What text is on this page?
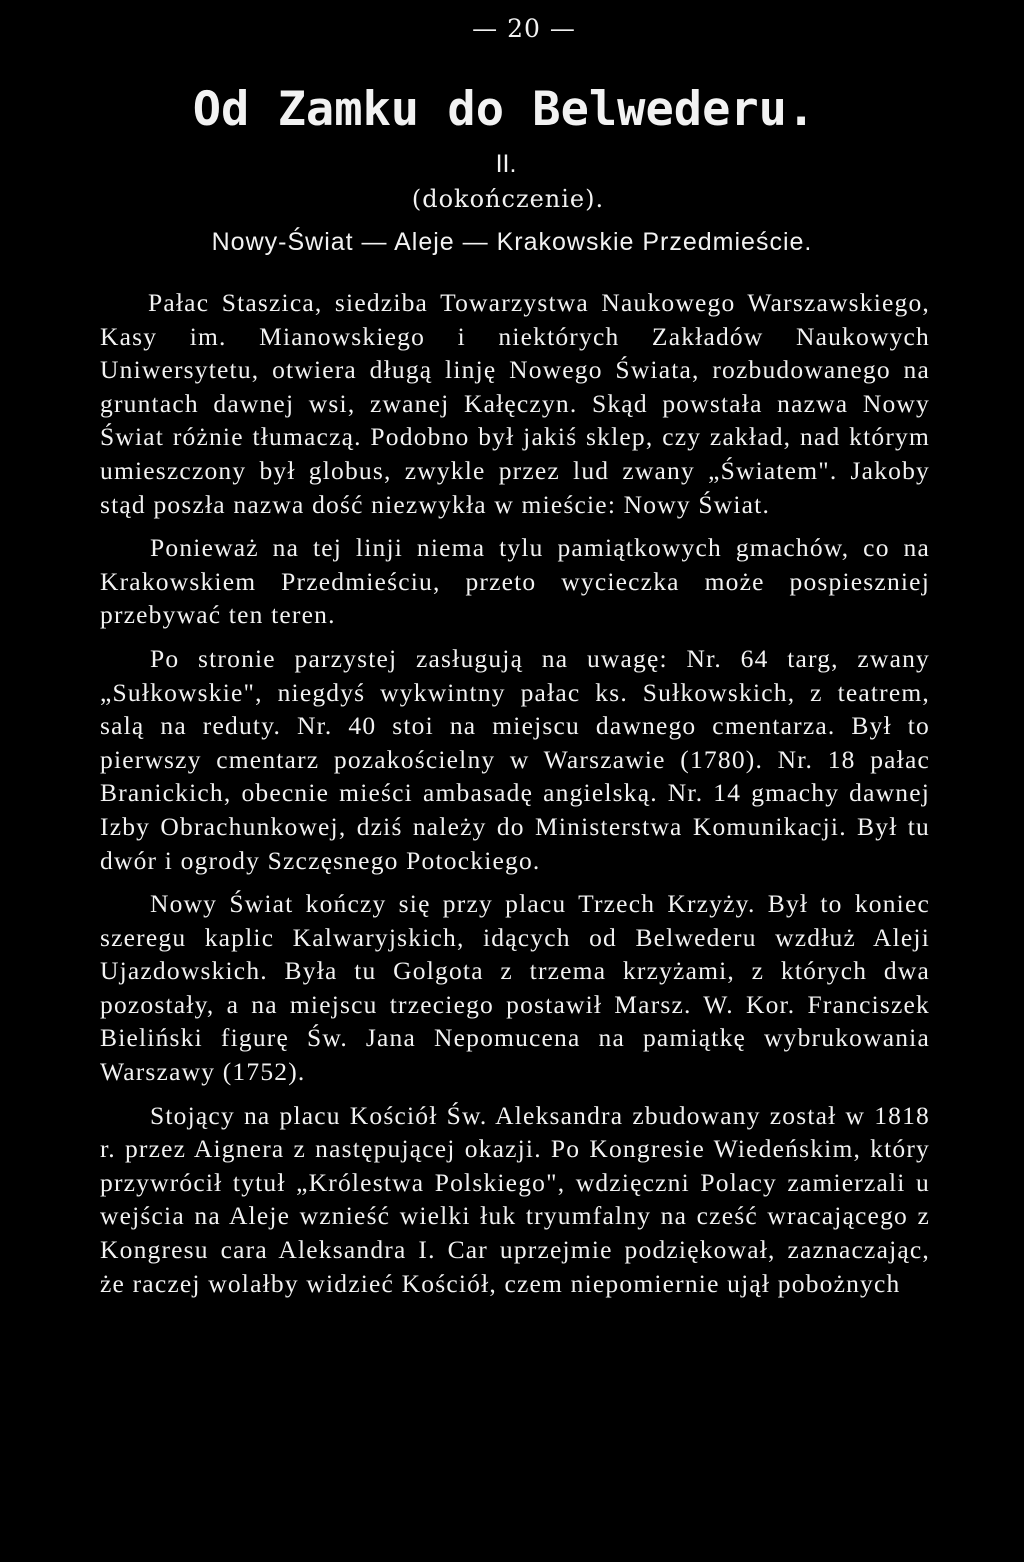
— 20 —
Od Zamku do Belwederu.
II.
(dokończenie).
Nowy-Świat — Aleje — Krakowskie Przedmieście.

Pałac Staszica, siedziba Towarzystwa Naukowego Warszawskiego, Kasy im. Mianowskiego i niektórych Zakładów Naukowych Uniwersytetu, otwiera długą linję Nowego Świata, rozbudowanego na gruntach dawnej wsi, zwanej Kałęczyn. Skąd powstała nazwa Nowy Świat różnie tłumaczą. Podobno był jakiś sklep, czy zakład, nad którym umieszczony był globus, zwykle przez lud zwany „Światem". Jakoby stąd poszła nazwa dość niezwykła w mieście: Nowy Świat.

Ponieważ na tej linji niema tylu pamiątkowych gmachów, co na Krakowskiem Przedmieściu, przeto wycieczka może pospieszniej przebywać ten teren.

Po stronie parzystej zasługują na uwagę: Nr. 64 targ, zwany „Sułkowskie", niegdyś wykwintny pałac ks. Sułkowskich, z teatrem, salą na reduty. Nr. 40 stoi na miejscu dawnego cmentarza. Był to pierwszy cmentarz pozakościelny w Warszawie (1780). Nr. 18 pałac Branickich, obecnie mieści ambasadę angielską. Nr. 14 gmachy dawnej Izby Obrachunkowej, dziś należy do Ministerstwa Komunikacji. Był tu dwór i ogrody Szczęsnego Potockiego.

Nowy Świat kończy się przy placu Trzech Krzyży. Był to koniec szeregu kaplic Kalwaryjskich, idących od Belwederu wzdłuż Aleji Ujazdowskich. Była tu Golgota z trzema krzyżami, z których dwa pozostały, a na miejscu trzeciego postawił Marsz. W. Kor. Franciszek Bieliński figurę Św. Jana Nepomucena na pamiątkę wybrukowania Warszawy (1752).

Stojący na placu Kościół Św. Aleksandra zbudowany został w 1818 r. przez Aignera z następującej okazji. Po Kongresie Wiedeńskim, który przywrócił tytuł „Królestwa Polskiego", wdzięczni Polacy zamierzali u wejścia na Aleje wznieść wielki łuk tryumfalny na cześć wracającego z Kongresu cara Aleksandra I. Car uprzejmie podziękował, zaznaczając, że raczej wolałby widzieć Kościół, czem niepomiernie ujął pobożnych
